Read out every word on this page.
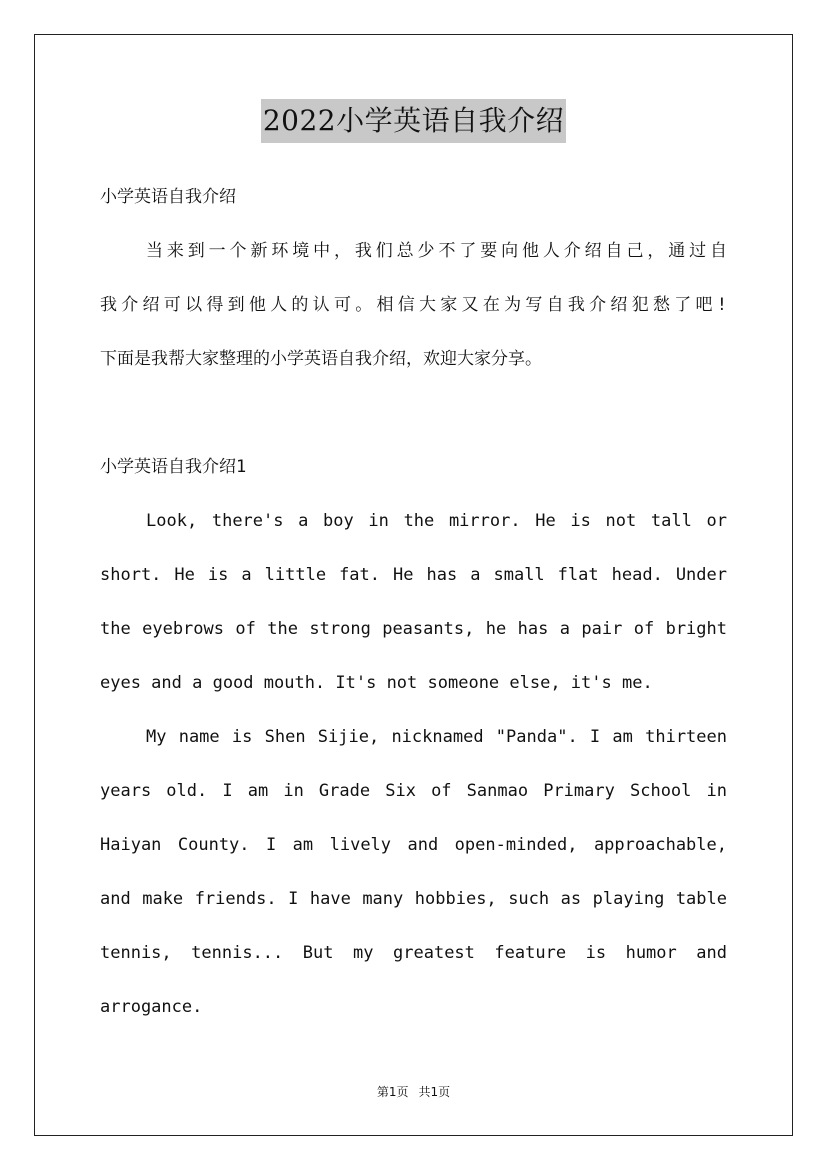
2022小学英语自我介绍
小学英语自我介绍
当来到一个新环境中，我们总少不了要向他人介绍自己，通过自
我介绍可以得到他人的认可。相信大家又在为写自我介绍犯愁了吧!
下面是我帮大家整理的小学英语自我介绍，欢迎大家分享。
小学英语自我介绍1
Look, there's a boy in the mirror. He is not tall or
short. He is a little fat. He has a small flat head. Under
the eyebrows of the strong peasants, he has a pair of bright
eyes and a good mouth. It's not someone else, it's me.
My name is Shen Sijie, nicknamed "Panda". I am thirteen
years old. I am in Grade Six of Sanmao Primary School in
Haiyan County. I am lively and open-minded, approachable,
and make friends. I have many hobbies, such as playing table
tennis, tennis... But my greatest feature is humor and
arrogance.
第1页 共1页
